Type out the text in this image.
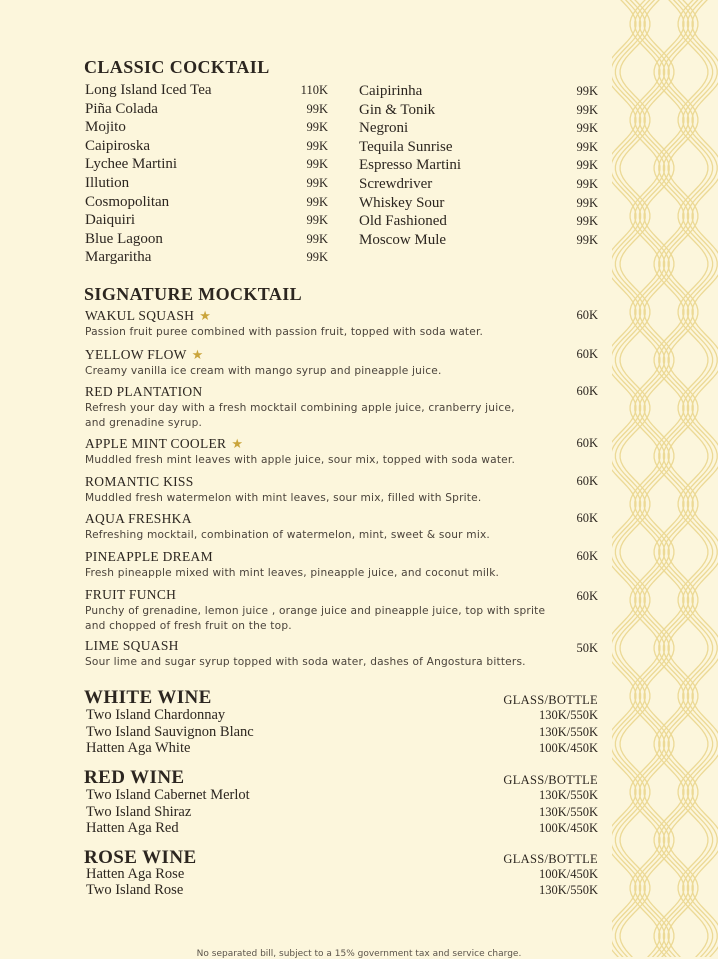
CLASSIC COCKTAIL
Long Island Iced Tea	110K
Piña Colada	99K
Mojito	99K
Caipiroska	99K
Lychee Martini	99K
Illution	99K
Cosmopolitan	99K
Daiquiri	99K
Blue Lagoon	99K
Margaritha	99K
Caipirinha	99K
Gin & Tonik	99K
Negroni	99K
Tequila Sunrise	99K
Espresso Martini	99K
Screwdriver	99K
Whiskey Sour	99K
Old Fashioned	99K
Moscow Mule	99K
SIGNATURE MOCKTAIL
WAKUL SQUASH ★	60K
Passion fruit puree combined with passion fruit, topped with soda water.
YELLOW FLOW ★	60K
Creamy vanilla ice cream with mango syrup and pineapple juice.
RED PLANTATION	60K
Refresh your day with a fresh mocktail combining apple juice, cranberry juice, and grenadine syrup.
APPLE MINT COOLER ★	60K
Muddled fresh mint leaves with apple juice, sour mix, topped with soda water.
ROMANTIC KISS	60K
Muddled fresh watermelon with mint leaves, sour mix, filled with Sprite.
AQUA FRESHKA	60K
Refreshing mocktail, combination of watermelon, mint, sweet & sour mix.
PINEAPPLE DREAM	60K
Fresh pineapple mixed with mint leaves, pineapple juice, and coconut milk.
FRUIT FUNCH	60K
Punchy of grenadine, lemon juice , orange juice and pineapple juice, top with sprite and chopped of fresh fruit on the top.
LIME SQUASH	50K
Sour lime and sugar syrup topped with soda water, dashes of Angostura bitters.
WHITE WINE	GLASS/BOTTLE
Two Island Chardonnay	130K/550K
Two Island Sauvignon Blanc	130K/550K
Hatten Aga White	100K/450K
RED WINE	GLASS/BOTTLE
Two Island Cabernet Merlot	130K/550K
Two Island Shiraz	130K/550K
Hatten Aga Red	100K/450K
ROSE WINE	GLASS/BOTTLE
Hatten Aga Rose	100K/450K
Two Island Rose	130K/550K
No separated bill, subject to a 15% government tax and service charge.
